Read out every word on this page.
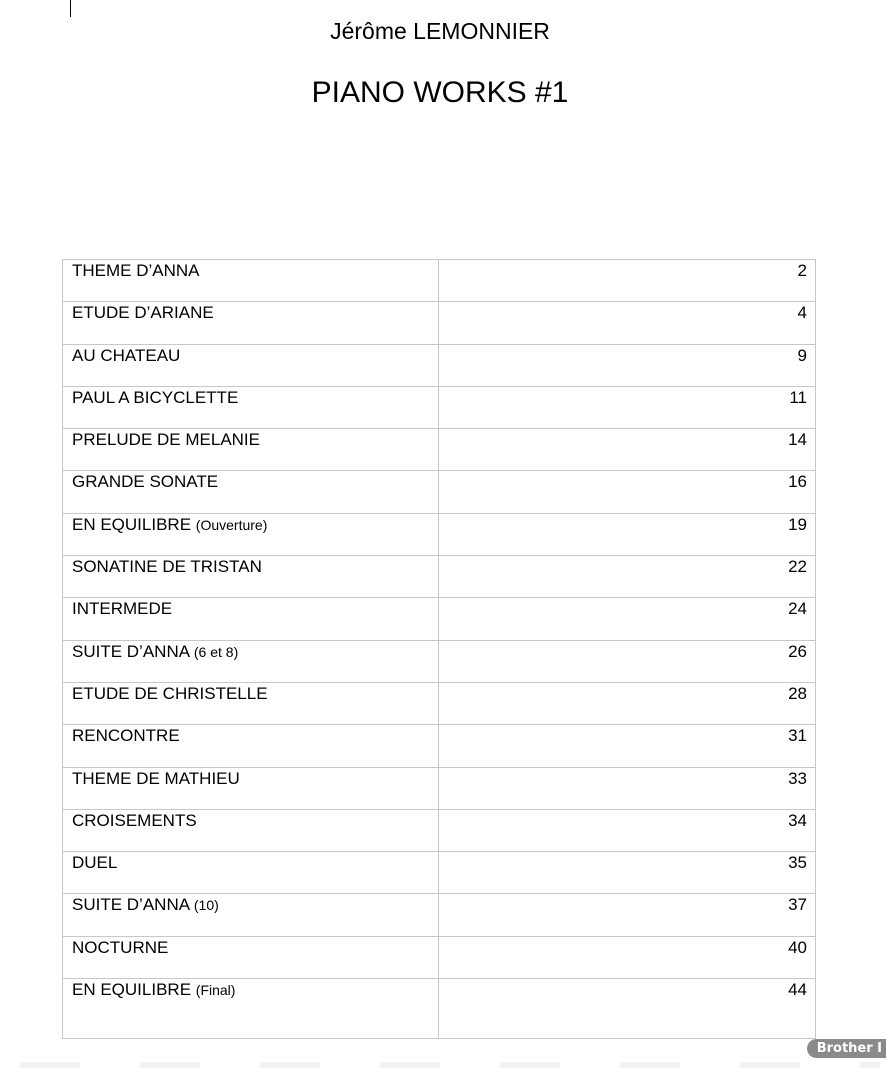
Jérôme LEMONNIER
PIANO WORKS #1
THEME D’ANNA	2

ETUDE D’ARIANE	4

AU CHATEAU	9

PAUL A BICYCLETTE	11

PRELUDE DE MELANIE	14

GRANDE SONATE	16

EN EQUILIBRE (Ouverture)	19

SONATINE DE TRISTAN	22

INTERMEDE	24

SUITE D’ANNA (6 et 8)	26

ETUDE DE CHRISTELLE	28

RENCONTRE	31

THEME DE MATHIEU	33

CROISEMENTS	34

DUEL	35

SUITE D’ANNA (10)	37

NOCTURNE	40

EN EQUILIBRE (Final)	44
Brother I
